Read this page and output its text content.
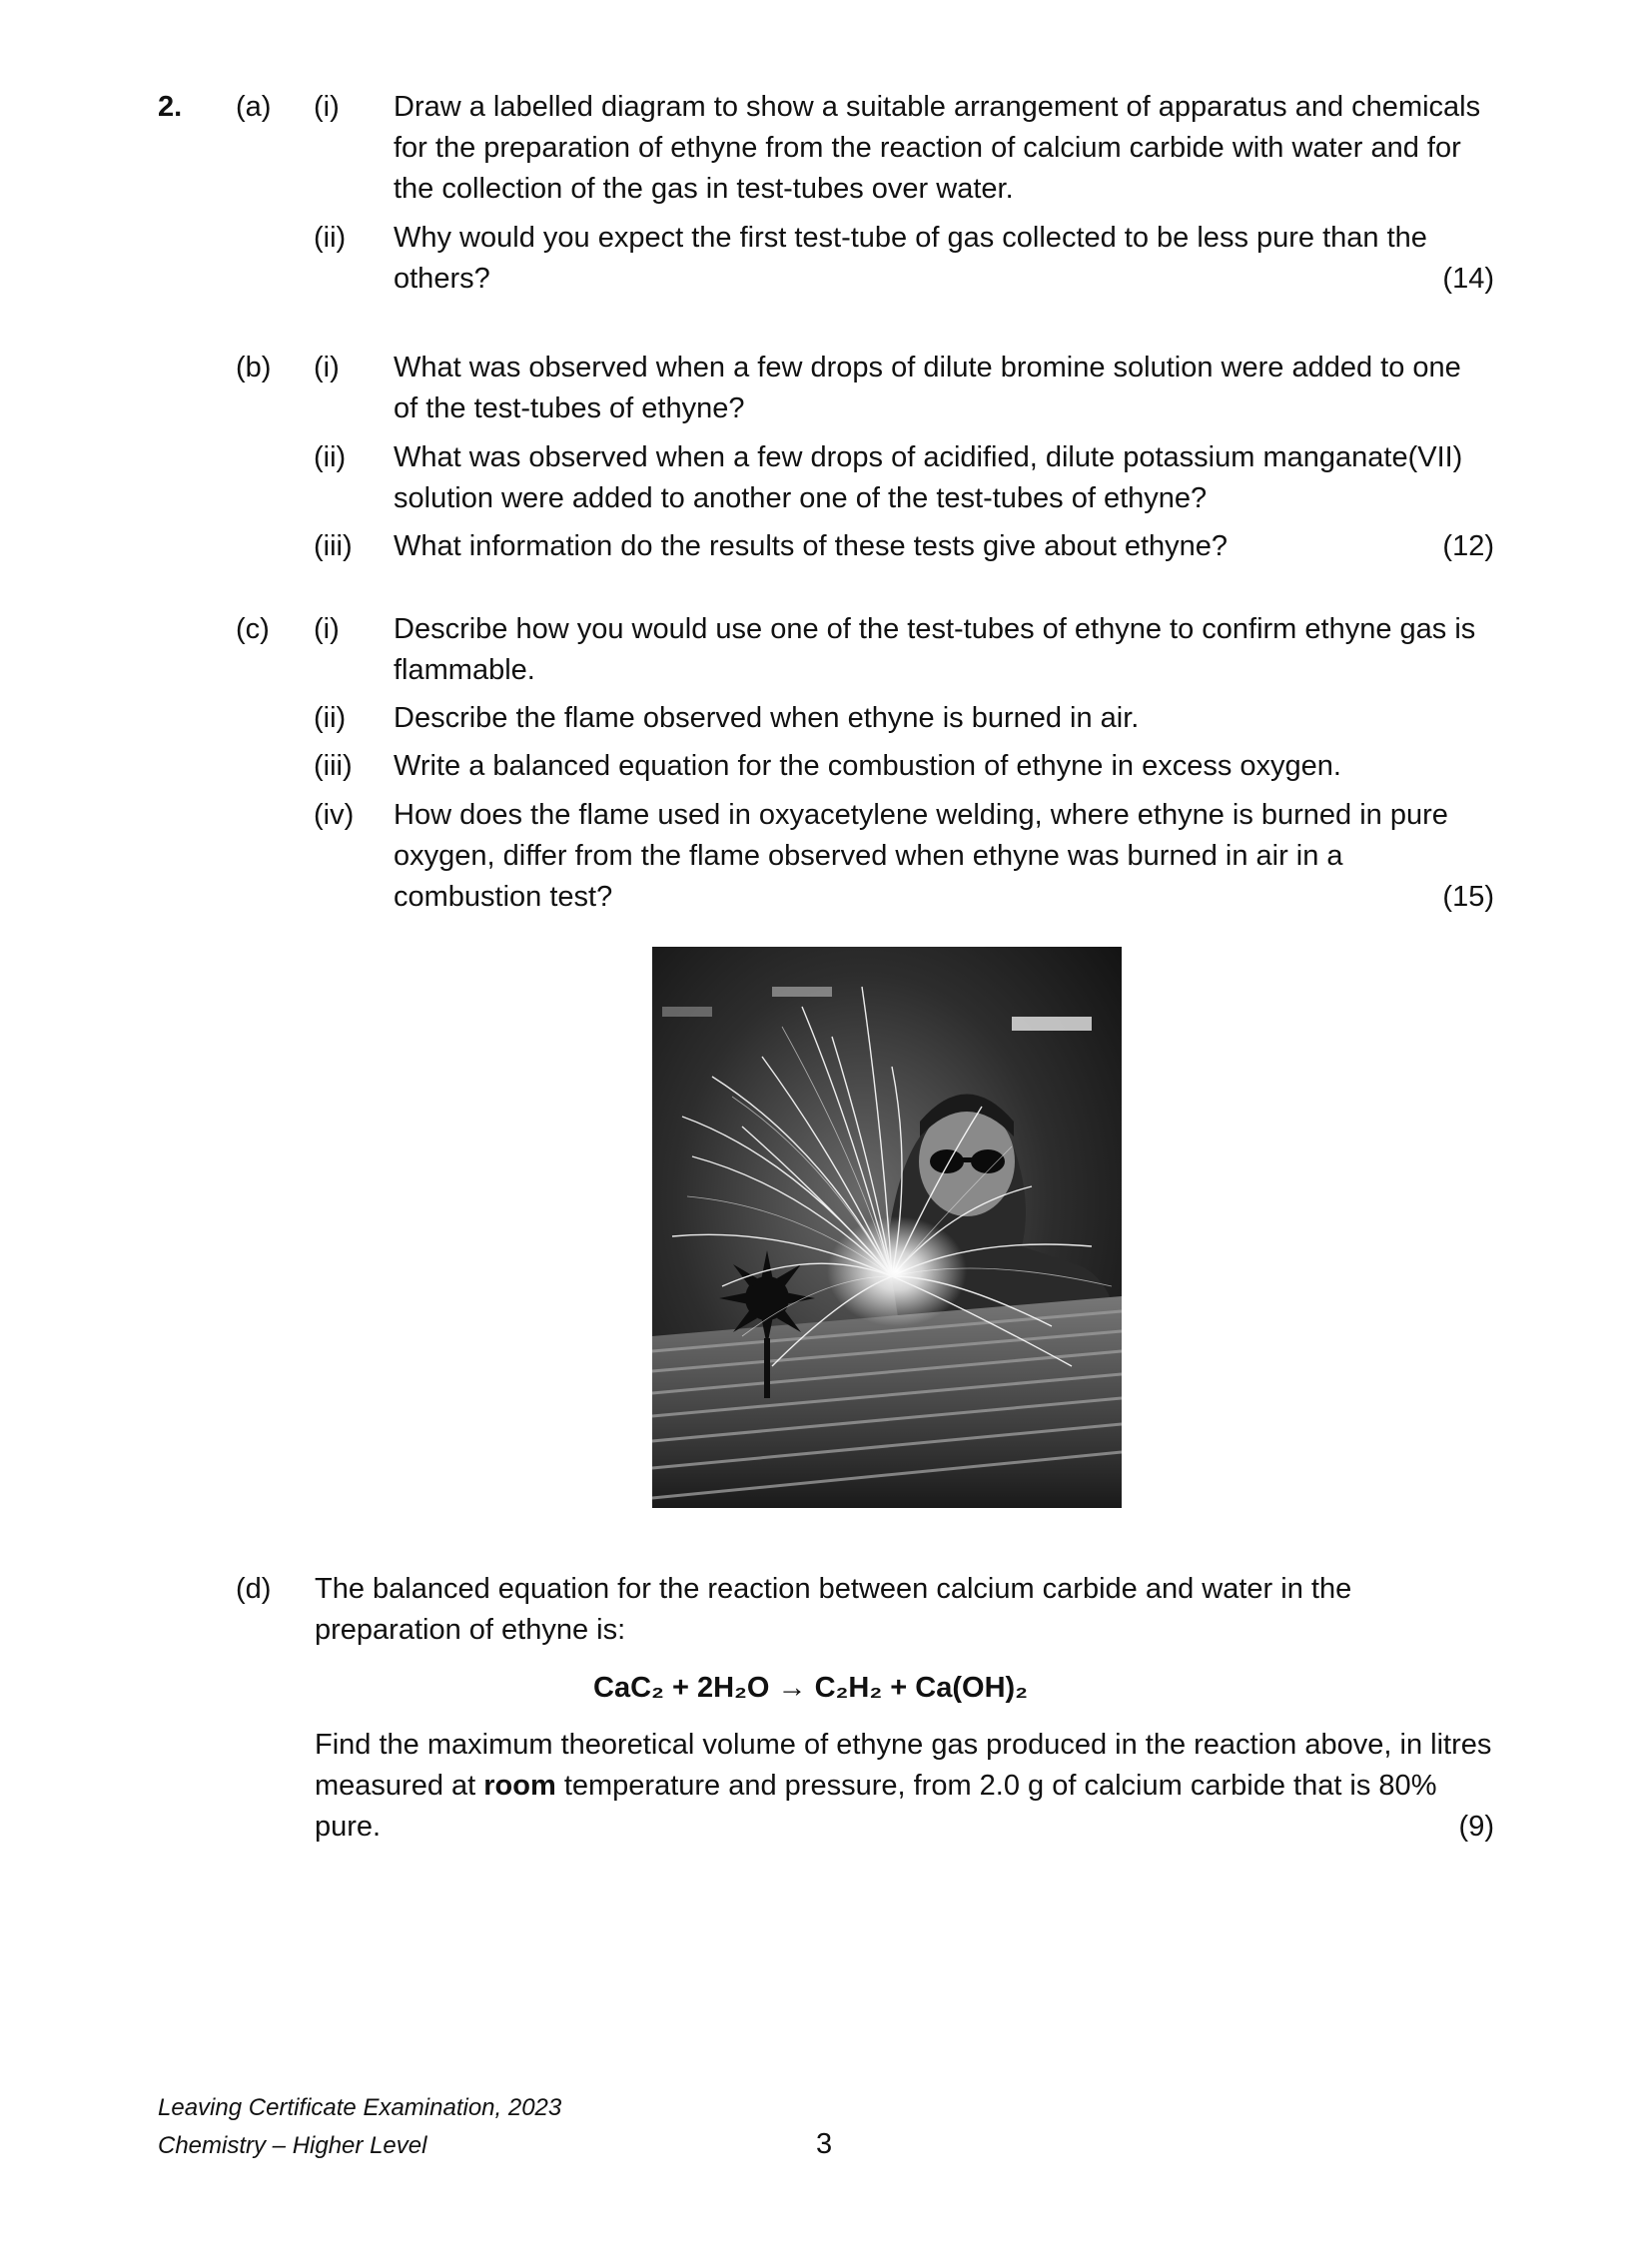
2. (a) (i) Draw a labelled diagram to show a suitable arrangement of apparatus and chemicals for the preparation of ethyne from the reaction of calcium carbide with water and for the collection of the gas in test-tubes over water.
(ii) Why would you expect the first test-tube of gas collected to be less pure than the others?	(14)
(b) (i) What was observed when a few drops of dilute bromine solution were added to one of the test-tubes of ethyne?
(ii) What was observed when a few drops of acidified, dilute potassium manganate(VII) solution were added to another one of the test-tubes of ethyne?
(iii) What information do the results of these tests give about ethyne?	(12)
(c) (i) Describe how you would use one of the test-tubes of ethyne to confirm ethyne gas is flammable.
(ii) Describe the flame observed when ethyne is burned in air.
(iii) Write a balanced equation for the combustion of ethyne in excess oxygen.
(iv) How does the flame used in oxyacetylene welding, where ethyne is burned in pure oxygen, differ from the flame observed when ethyne was burned in air in a combustion test?	(15)
(d) The balanced equation for the reaction between calcium carbide and water in the preparation of ethyne is:
CaC₂ + 2H₂O → C₂H₂ + Ca(OH)₂
Find the maximum theoretical volume of ethyne gas produced in the reaction above, in litres measured at room temperature and pressure, from 2.0 g of calcium carbide that is 80% pure.	(9)
Leaving Certificate Examination, 2023
Chemistry – Higher Level	3
